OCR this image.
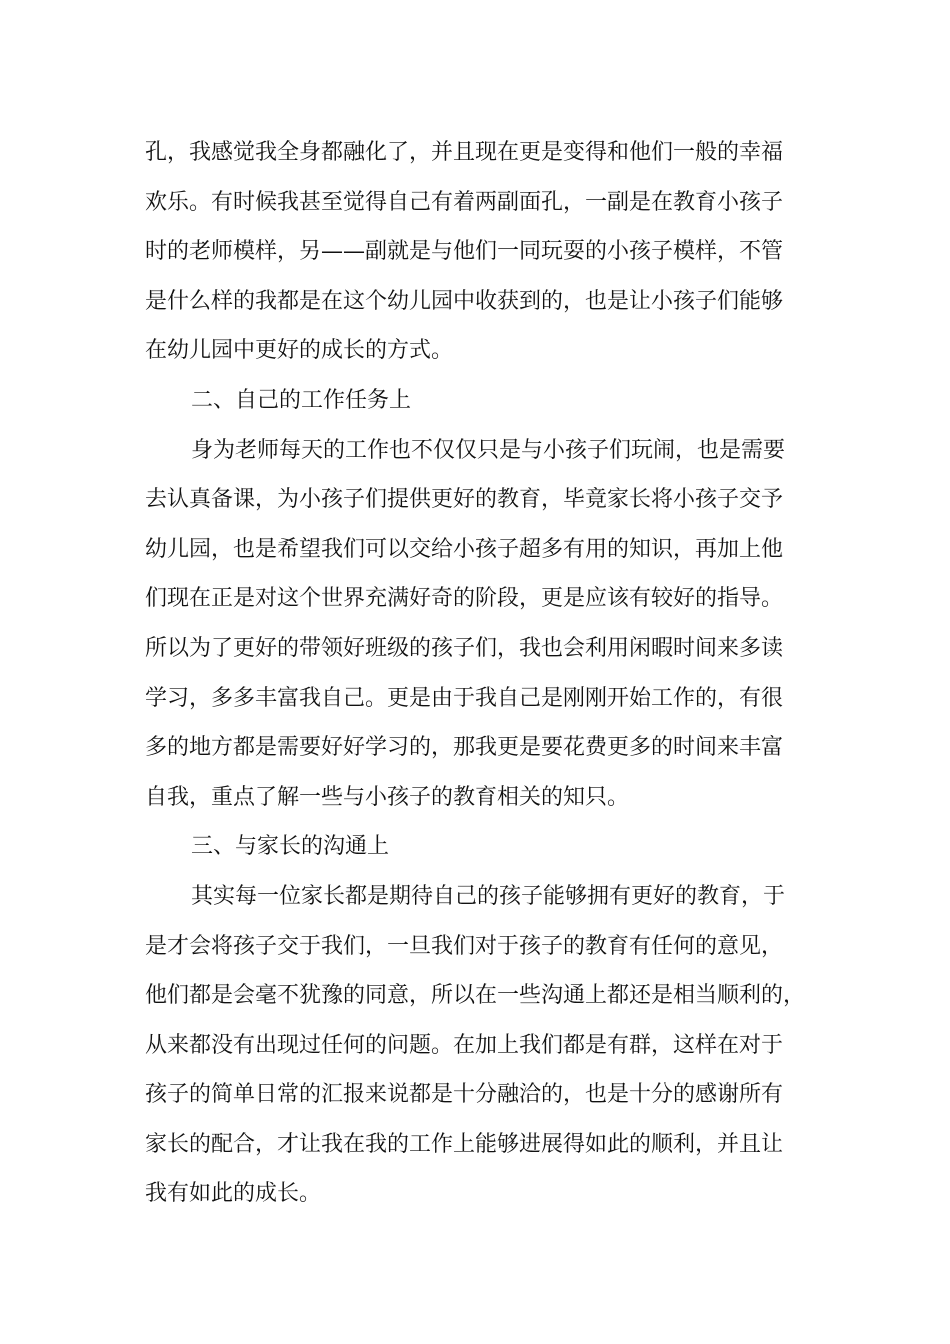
孔，我感觉我全身都融化了，并且现在更是变得和他们一般的幸福
欢乐。有时候我甚至觉得自己有着两副面孔，一副是在教育小孩子
时的老师模样，另——副就是与他们一同玩耍的小孩子模样，不管
是什么样的我都是在这个幼儿园中收获到的，也是让小孩子们能够
在幼儿园中更好的成长的方式。
二、自己的工作任务上
身为老师每天的工作也不仅仅只是与小孩子们玩闹，也是需要
去认真备课，为小孩子们提供更好的教育，毕竟家长将小孩子交予
幼儿园，也是希望我们可以交给小孩子超多有用的知识，再加上他
们现在正是对这个世界充满好奇的阶段，更是应该有较好的指导。
所以为了更好的带领好班级的孩子们，我也会利用闲暇时间来多读
学习，多多丰富我自己。更是由于我自己是刚刚开始工作的，有很
多的地方都是需要好好学习的，那我更是要花费更多的时间来丰富
自我，重点了解一些与小孩子的教育相关的知只。
三、与家长的沟通上
其实每一位家长都是期待自己的孩子能够拥有更好的教育，于
是才会将孩子交于我们，一旦我们对于孩子的教育有任何的意见，
他们都是会毫不犹豫的同意，所以在一些沟通上都还是相当顺利的，
从来都没有出现过任何的问题。在加上我们都是有群，这样在对于
孩子的简单日常的汇报来说都是十分融洽的，也是十分的感谢所有
家长的配合，才让我在我的工作上能够进展得如此的顺利，并且让
我有如此的成长。
